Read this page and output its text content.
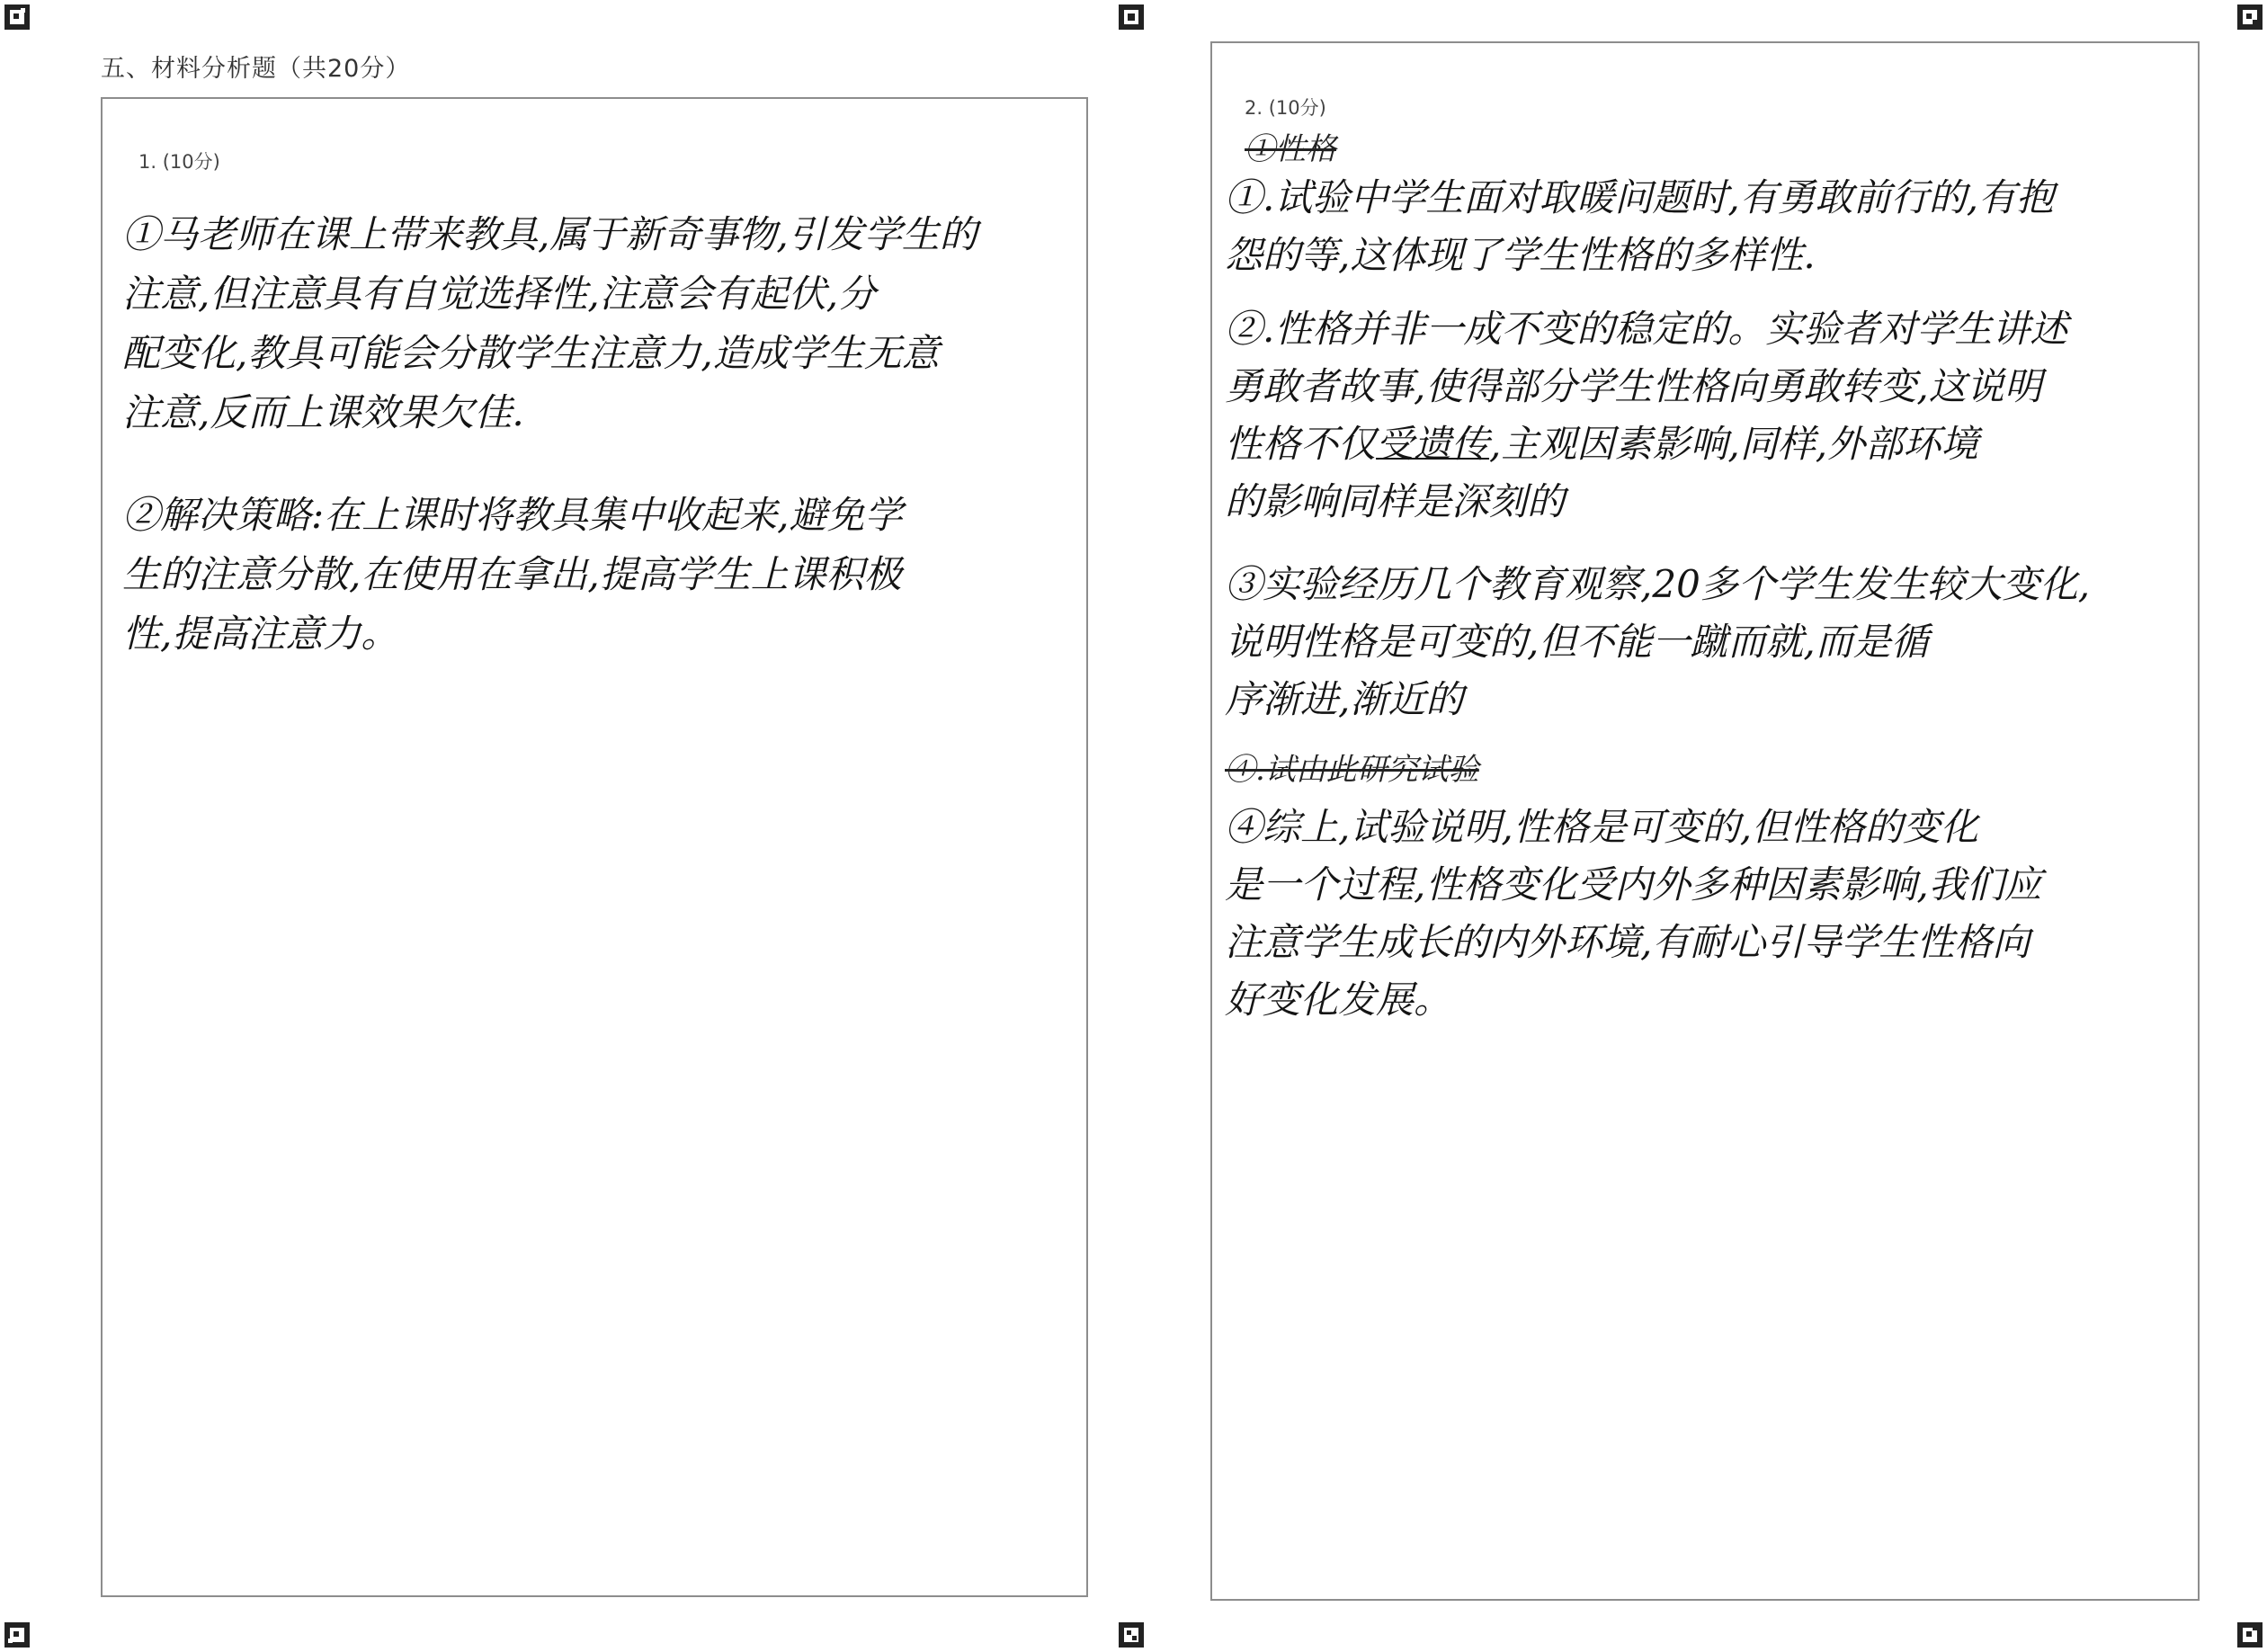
五、材料分析题（共20分）
1. (10分)
①马老师在课上带来教具,属于新奇事物,引发学生的
注意,但注意具有自觉选择性,注意会有起伏,分
配变化,教具可能会分散学生注意力,造成学生无意
注意,反而上课效果欠佳.
②解决策略:在上课时将教具集中收起来,避免学
生的注意分散,在使用在拿出,提高学生上课积极
性,提高注意力。
2. (10分)
①性格
①.试验中学生面对取暖问题时,有勇敢前行的,有抱
怨的等,这体现了学生性格的多样性.
②.性格并非一成不变的稳定的。实验者对学生讲述
勇敢者故事,使得部分学生性格向勇敢转变,这说明
性格不仅受遗传,主观因素影响,同样,外部环境
的影响同样是深刻的
③实验经历几个教育观察,20多个学生发生较大变化,
说明性格是可变的,但不能一蹴而就,而是循
序渐进,渐近的
④.试由此研究试验
④综上,试验说明,性格是可变的,但性格的变化
是一个过程,性格变化受内外多种因素影响,我们应
注意学生成长的内外环境,有耐心引导学生性格向
好变化发展。
